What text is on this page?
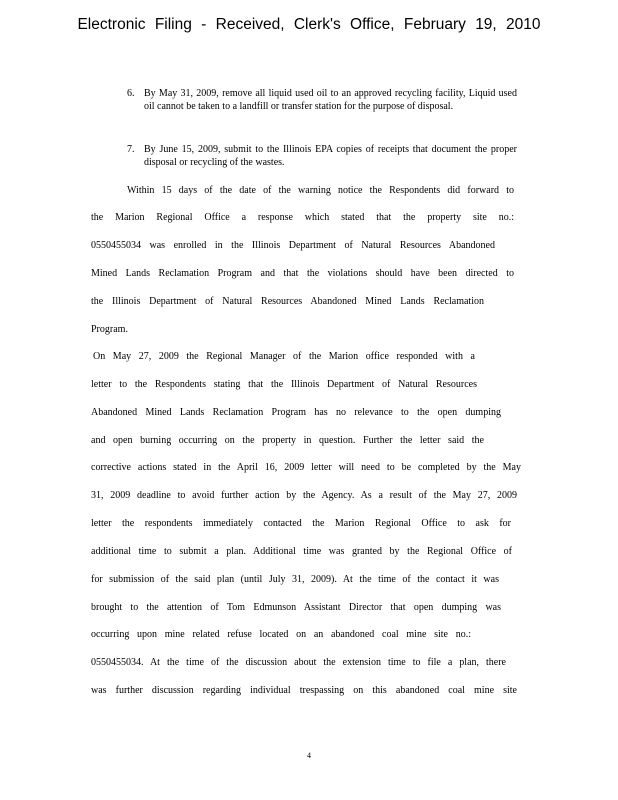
Electronic Filing - Received, Clerk's Office, February 19, 2010
6. By May 31, 2009, remove all liquid used oil to an approved recycling facility, Liquid used oil cannot be taken to a landfill or transfer station for the purpose of disposal.
7. By June 15, 2009, submit to the Illinois EPA copies of receipts that document the proper disposal or recycling of the wastes.
Within 15 days of the date of the warning notice the Respondents did forward to
the Marion Regional Office a response which stated that the property site no.:
0550455034 was enrolled in the Illinois Department of Natural Resources Abandoned
Mined Lands Reclamation Program and that the violations should have been directed to
the Illinois Department of Natural Resources Abandoned Mined Lands Reclamation
Program.
On May 27, 2009 the Regional Manager of the Marion office responded with a
letter to the Respondents stating that the Illinois Department of Natural Resources
Abandoned Mined Lands Reclamation Program has no relevance to the open dumping
and open burning occurring on the property in question. Further the letter said the
corrective actions stated in the April 16, 2009 letter will need to be completed by the May
31, 2009 deadline to avoid further action by the Agency. As a result of the May 27, 2009
letter the respondents immediately contacted the Marion Regional Office to ask for
additional time to submit a plan. Additional time was granted by the Regional Office of
for submission of the said plan (until July 31, 2009). At the time of the contact it was
brought to the attention of Tom Edmunson Assistant Director that open dumping was
occurring upon mine related refuse located on an abandoned coal mine site no.:
0550455034. At the time of the discussion about the extension time to file a plan, there
was further discussion regarding individual trespassing on this abandoned coal mine site
4
